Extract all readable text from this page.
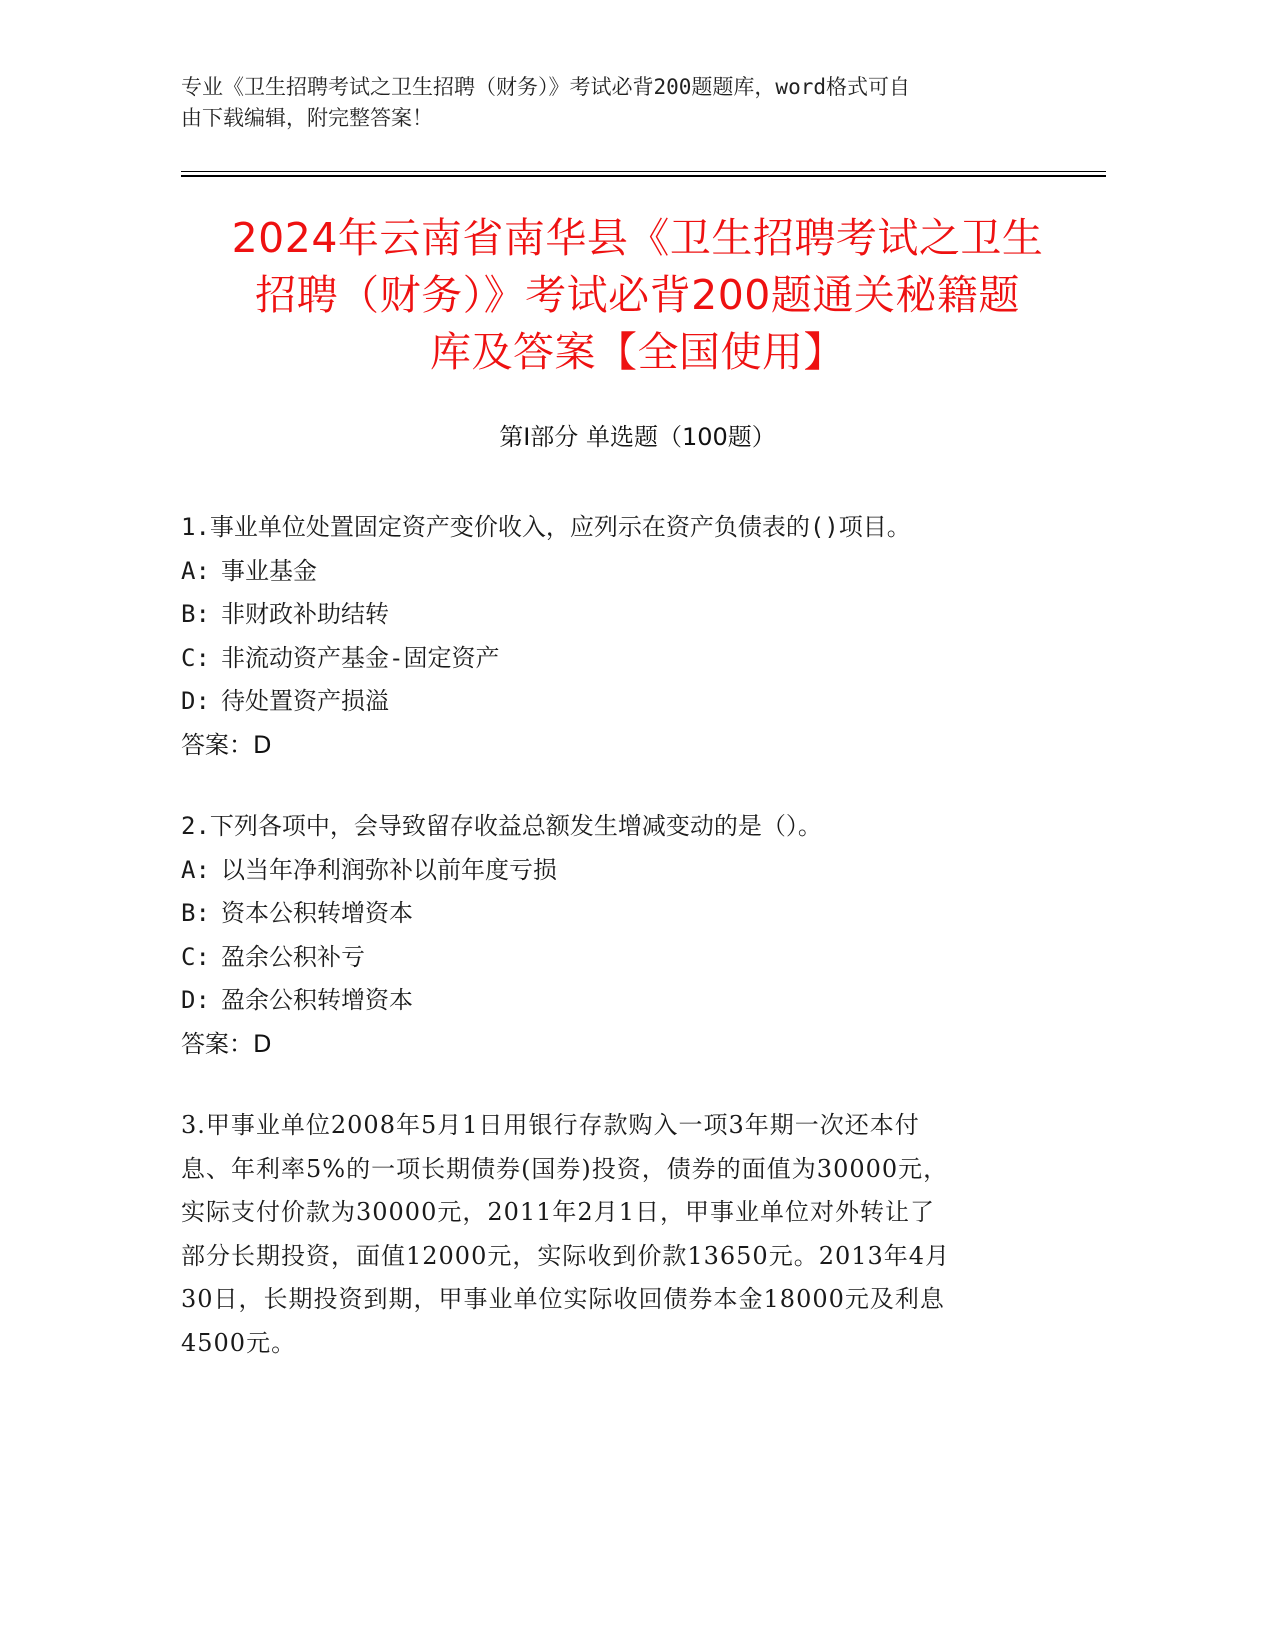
专业《卫生招聘考试之卫生招聘（财务）》考试必背200题题库，word格式可自
由下载编辑，附完整答案！
2024年云南省南华县《卫生招聘考试之卫生
招聘（财务）》考试必背200题通关秘籍题
库及答案【全国使用】
第Ⅰ部分 单选题（100题）
1.事业单位处置固定资产变价收入，应列示在资产负债表的()项目。
A: 事业基金
B: 非财政补助结转
C: 非流动资产基金-固定资产
D: 待处置资产损溢
答案：D
2.下列各项中，会导致留存收益总额发生增减变动的是（）。
A: 以当年净利润弥补以前年度亏损
B: 资本公积转增资本
C: 盈余公积补亏
D: 盈余公积转增资本
答案：D
3.甲事业单位2008年5月1日用银行存款购入一项3年期一次还本付
息、年利率5%的一项长期债券(国券)投资，债券的面值为30000元，
实际支付价款为30000元，2011年2月1日，甲事业单位对外转让了
部分长期投资，面值12000元，实际收到价款13650元。2013年4月
30日，长期投资到期，甲事业单位实际收回债券本金18000元及利息
4500元。
